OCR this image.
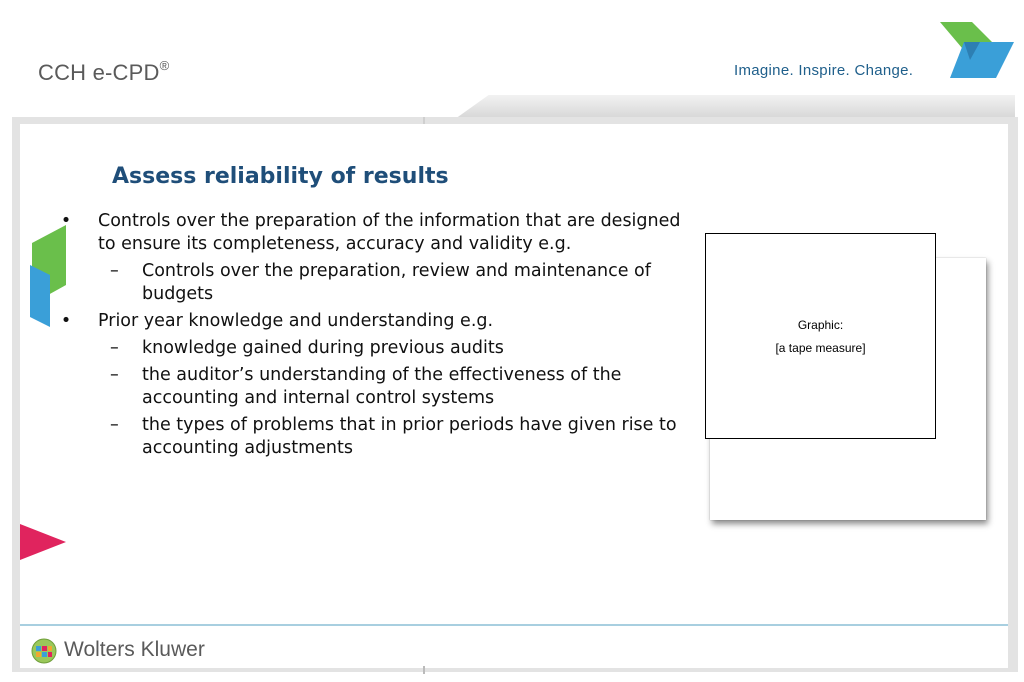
CCH e-CPD®	Imagine. Inspire. Change.
Assess reliability of results
• Controls over the preparation of the information that are designed to ensure its completeness, accuracy and validity e.g.
– Controls over the preparation, review and maintenance of budgets
• Prior year knowledge and understanding e.g.
– knowledge gained during previous audits
– the auditor’s understanding of the effectiveness of the accounting and internal control systems
– the types of problems that in prior periods have given rise to accounting adjustments
Graphic:
[a tape measure]
Wolters Kluwer
